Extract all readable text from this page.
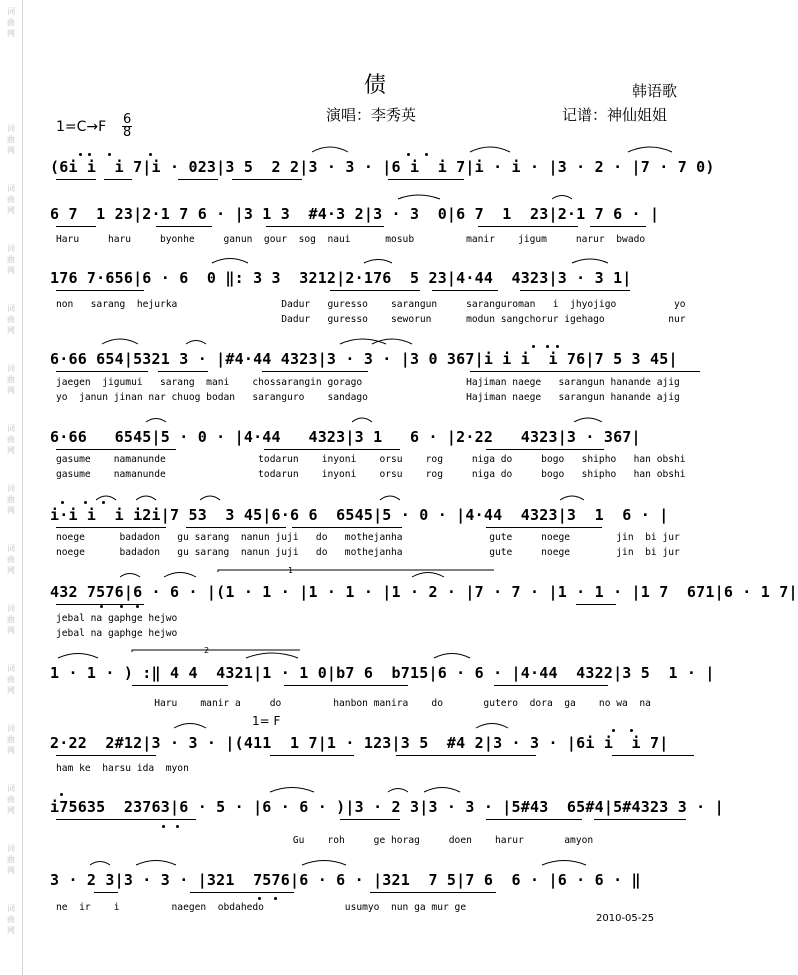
词
曲
网
词
曲
网
词
曲
网
词
曲
网
词
曲
网
词
曲
网
词
曲
网
词
曲
网
词
曲
网
词
曲
网
词
曲
网
词
曲
网
词
曲
网
词
曲
网
词
曲
网
债	韩语歌
演唱：李秀英	记谱：神仙姐姐
1=C→F 6
8
(6i i  i 7|i · 023|3 5  2 2|3 · 3 · |6 i  i 7|i · i · |3 · 2 · |7 · 7 0)
6 7  1 23|2·1 7 6 · |3 1 3  #4·3 2|3 · 3  0|6 7  1  23|2·1 7 6 · |
Haru     haru     byonhe     ganun  gour  sog  naui      mosub         manir    jigum     narur  bwado
176 7·656|6 · 6  0 ‖: 3 3  3212|2·176  5 23|4·44  4323|3 · 3 1|
non   sarang  hejurka                  Dadur   guresso    sarangun     saranguroman   i  jhyojigo          yo
Dadur   guresso    seworun      modun sangchorur igehago           nur
6·66 654|5321 3 · |#4·44 4323|3 · 3 · |3 0 367|i i i  i 76|7 5 3 45|
jaegen  jigumui   sarang  mani    chossarangin gorago                  Hajiman naege   sarangun hanande ajig
yo  janun jinan nar chuog bodan   saranguro    sandago                 Hajiman naege   sarangun hanande ajig
6·66   6545|5 · 0 · |4·44   4323|3 1   6 · |2·22   4323|3 · 367|
gasume    namanunde                todarun    inyoni    orsu    rog     niga do     bogo   shipho   han obshi
gasume    namanunde                todarun    inyoni    orsu    rog     niga do     bogo   shipho   han obshi
i·i i  i i2i|7 53  3 45|6·6 6  6545|5 · 0 · |4·44  4323|3  1  6 · |
noege      badadon   gu sarang  nanun juji   do   mothejanha               gute     noege        jin  bi jur
noege      badadon   gu sarang  nanun juji   do   mothejanha               gute     noege        jin  bi jur
432 7576|6 · 6 · |(1 · 1 · |1 · 1 · |1 · 2 · |7 · 7 · |1 · 1 · |1 7  671|6 · 1 7|
jebal na gaphge hejwo
jebal na gaphge hejwo
1 · 1 · ) :‖ 4 4  4321|1 · 1 0|b7 6  b715|6 · 6 · |4·44  4322|3 5  1 · |
Haru    manir a     do         hanbon manira    do       gutero  dora  ga    no wa  na
1= F
2·22  2#12|3 · 3 · |(411  1 7|1 · 123|3 5  #4 2|3 · 3 · |6i i  i 7|
ham ke  harsu ida  myon
i75635  23763|6 · 5 · |6 · 6 · )|3 · 2 3|3 · 3 · |5#43  65#4|5#4323 3 · |
Gu    roh     ge horag     doen    harur       amyon
3 · 2 3|3 · 3 · |321  7576|6 · 6 · |321  7 5|7 6  6 · |6 · 6 · ‖
ne  ir    i         naegen  obdahedo              usumyo  nun ga mur ge
2010-05-25
1
2
